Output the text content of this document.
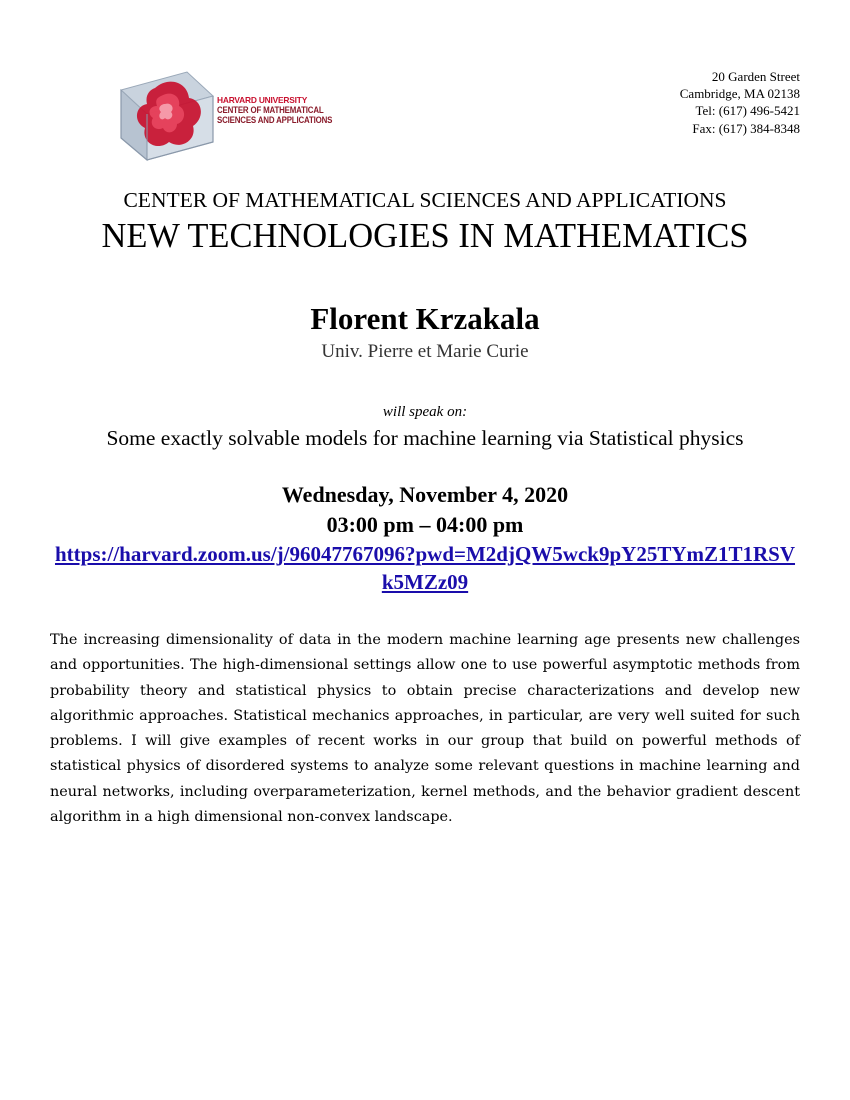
HARVARD UNIVERSITY
CENTER OF MATHEMATICAL
SCIENCES AND APPLICATIONS
20 Garden Street
Cambridge, MA 02138
Tel: (617) 496-5421
Fax: (617) 384-8348
CENTER OF MATHEMATICAL SCIENCES AND APPLICATIONS
NEW TECHNOLOGIES IN MATHEMATICS
Florent Krzakala
Univ. Pierre et Marie Curie
will speak on:
Some exactly solvable models for machine learning via Statistical physics
Wednesday, November 4, 2020
03:00 pm – 04:00 pm
https://harvard.zoom.us/j/96047767096?pwd=M2djQW5wck9pY25TYmZ1T1RSVk5MZz09
The increasing dimensionality of data in the modern machine learning age presents new challenges and opportunities. The high-dimensional settings allow one to use powerful asymptotic methods from probability theory and statistical physics to obtain precise characterizations and develop new algorithmic approaches. Statistical mechanics approaches, in particular, are very well suited for such problems. I will give examples of recent works in our group that build on powerful methods of statistical physics of disordered systems to analyze some relevant questions in machine learning and neural networks, including overparameterization, kernel methods, and the behavior gradient descent algorithm in a high dimensional non-convex landscape.
